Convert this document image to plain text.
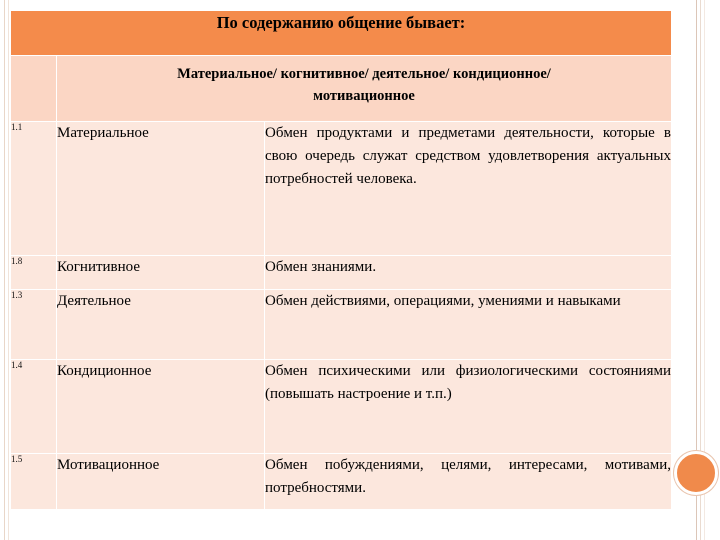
По содержанию общение бывает:		

	Материальное/ когнитивное/ деятельное/ кондиционное/
мотивационное	

1.1	Материальное	Обмен продуктами и предметами деятельности, которые в свою очередь служат средством удовлетворения актуальных потребностей человека.
1.8	Когнитивное	Обмен знаниями.
1.3	Деятельное	Обмен действиями, операциями, умениями и навыками
1.4	Кондиционное	Обмен психическими или физиологическими состояниями (повышать настроение и т.п.)
1.5	Мотивационное	Обмен побуждениями, целями, интересами, мотивами, потребностями.
